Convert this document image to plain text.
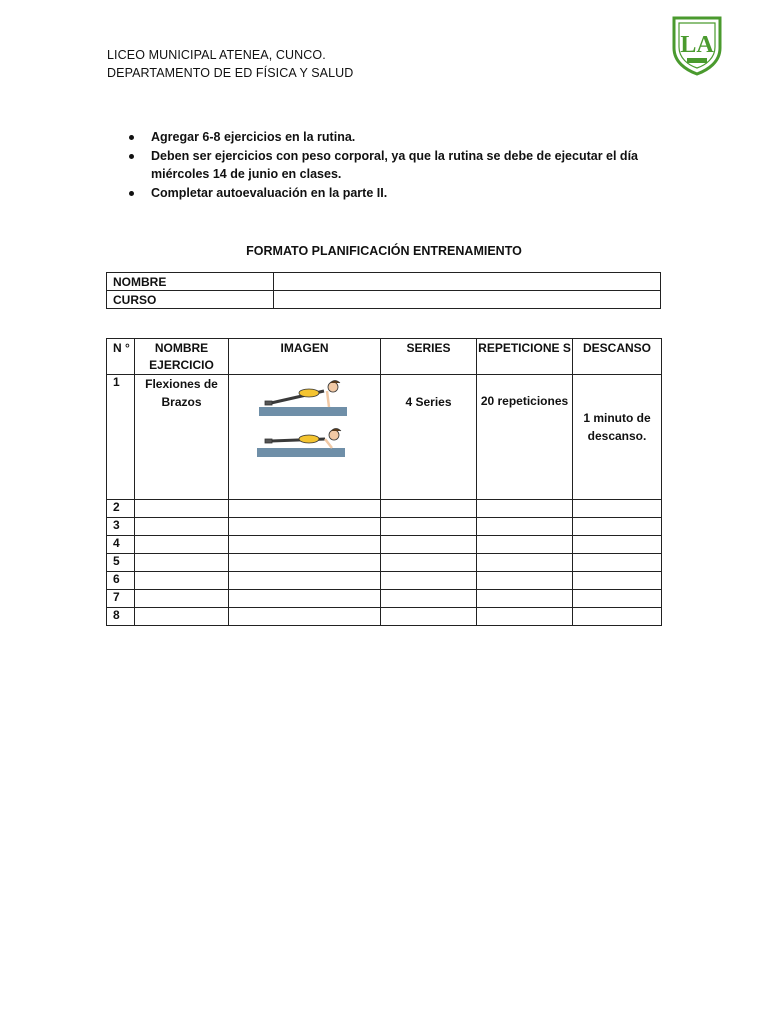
LICEO MUNICIPAL ATENEA, CUNCO.
DEPARTAMENTO DE ED FÍSICA Y SALUD
LA
Agregar 6-8 ejercicios en la rutina.
Deben ser ejercicios con peso corporal, ya que la rutina se debe de ejecutar el día miércoles 14 de junio en clases.
Completar autoevaluación en la parte II.
FORMATO PLANIFICACIÓN ENTRENAMIENTO
NOMBRE	
CURSO	
N °	NOMBRE EJERCICIO	IMAGEN	SERIES	REPETICIONE S	DESCANSO
1	Flexiones de Brazos		4 Series	20 repeticiones	1 minuto de descanso.
2					
3					
4					
5					
6					
7					
8					
